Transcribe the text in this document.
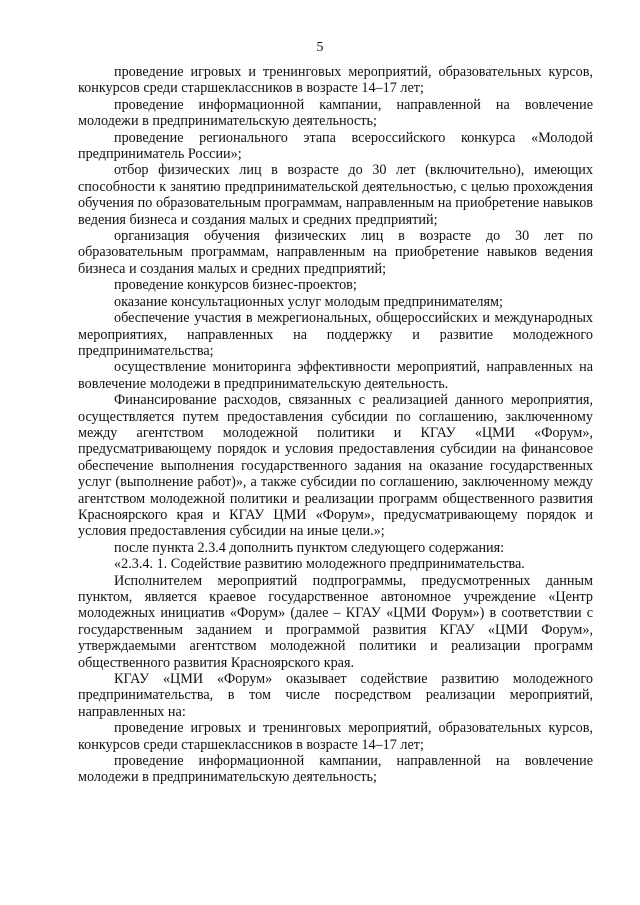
5

проведение игровых и тренинговых мероприятий, образовательных курсов, конкурсов среди старшеклассников в возрасте 14–17 лет;

проведение информационной кампании, направленной на вовлечение молодежи в предпринимательскую деятельность;

проведение регионального этапа всероссийского конкурса «Молодой предприниматель России»;

отбор физических лиц в возрасте до 30 лет (включительно), имеющих способности к занятию предпринимательской деятельностью, с целью прохождения обучения по образовательным программам, направленным на приобретение навыков ведения бизнеса и создания малых и средних предприятий;

организация обучения физических лиц в возрасте до 30 лет по образовательным программам, направленным на приобретение навыков ведения бизнеса и создания малых и средних предприятий;

проведение конкурсов бизнес-проектов;

оказание консультационных услуг молодым предпринимателям;

обеспечение участия в межрегиональных, общероссийских и международных мероприятиях, направленных на поддержку и развитие молодежного предпринимательства;

осуществление мониторинга эффективности мероприятий, направленных на вовлечение молодежи в предпринимательскую деятельность.

Финансирование расходов, связанных с реализацией данного мероприятия, осуществляется путем предоставления субсидии по соглашению, заключенному между агентством молодежной политики и КГАУ «ЦМИ «Форум», предусматривающему порядок и условия предоставления субсидии на финансовое обеспечение выполнения государственного задания на оказание государственных услуг (выполнение работ)», а также субсидии по соглашению, заключенному между агентством молодежной политики и реализации программ общественного развития Красноярского края и КГАУ ЦМИ «Форум», предусматривающему порядок и условия предоставления субсидии на иные цели.»;

после пункта 2.3.4 дополнить пунктом следующего содержания:

«2.3.4. 1. Содействие развитию молодежного предпринимательства.

Исполнителем мероприятий подпрограммы, предусмотренных данным пунктом, является краевое государственное автономное учреждение «Центр молодежных инициатив «Форум» (далее – КГАУ «ЦМИ Форум») в соответствии с государственным заданием и программой развития КГАУ «ЦМИ Форум», утверждаемыми агентством молодежной политики и реализации программ общественного развития Красноярского края.

КГАУ «ЦМИ «Форум» оказывает содействие развитию молодежного предпринимательства, в том числе посредством реализации мероприятий, направленных на:

проведение игровых и тренинговых мероприятий, образовательных курсов, конкурсов среди старшеклассников в возрасте 14–17 лет;

проведение информационной кампании, направленной на вовлечение молодежи в предпринимательскую деятельность;
